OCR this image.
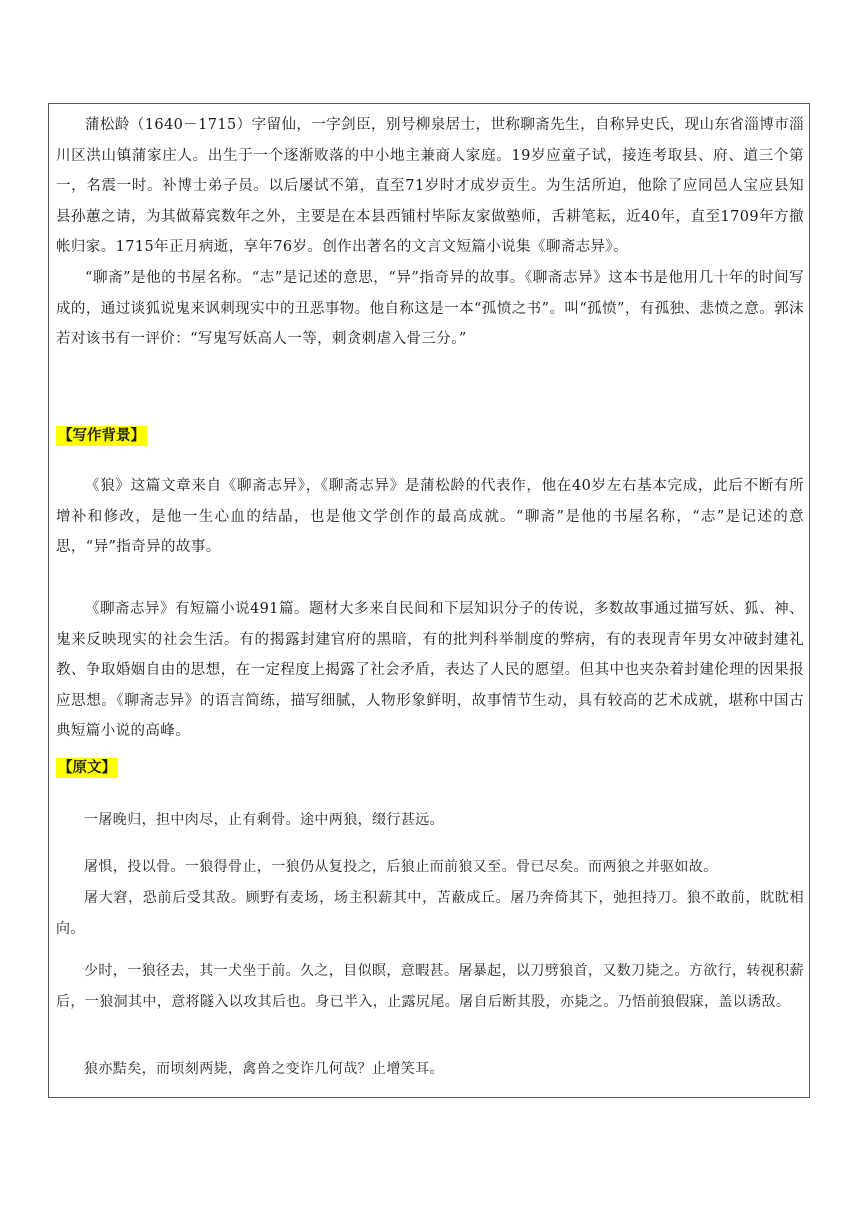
蒲松龄（1640－1715）字留仙，一字剑臣，别号柳泉居士，世称聊斋先生，自称异史氏，现山东省淄博市淄川区洪山镇蒲家庄人。出生于一个逐渐败落的中小地主兼商人家庭。19岁应童子试，接连考取县、府、道三个第一，名震一时。补博士弟子员。以后屡试不第，直至71岁时才成岁贡生。为生活所迫，他除了应同邑人宝应县知县孙蕙之请，为其做幕宾数年之外，主要是在本县西铺村毕际友家做塾师，舌耕笔耘，近40年，直至1709年方撤帐归家。1715年正月病逝，享年76岁。创作出著名的文言文短篇小说集《聊斋志异》。

“聊斋”是他的书屋名称。“志”是记述的意思，“异”指奇异的故事。《聊斋志异》这本书是他用几十年的时间写成的，通过谈狐说鬼来讽刺现实中的丑恶事物。他自称这是一本“孤愤之书”。叫“孤愤”，有孤独、悲愤之意。郭沫若对该书有一评价：“写鬼写妖高人一等，刺贪刺虐入骨三分。”

【写作背景】

《狼》这篇文章来自《聊斋志异》，《聊斋志异》是蒲松龄的代表作，他在40岁左右基本完成，此后不断有所增补和修改，是他一生心血的结晶，也是他文学创作的最高成就。“聊斋”是他的书屋名称，“志”是记述的意思，“异”指奇异的故事。

《聊斋志异》有短篇小说491篇。题材大多来自民间和下层知识分子的传说，多数故事通过描写妖、狐、神、鬼来反映现实的社会生活。有的揭露封建官府的黑暗，有的批判科举制度的弊病，有的表现青年男女冲破封建礼教、争取婚姻自由的思想，在一定程度上揭露了社会矛盾，表达了人民的愿望。但其中也夹杂着封建伦理的因果报应思想。《聊斋志异》的语言简练，描写细腻，人物形象鲜明，故事情节生动，具有较高的艺术成就，堪称中国古典短篇小说的高峰。

【原文】

一屠晚归，担中肉尽，止有剩骨。途中两狼，缀行甚远。

屠惧，投以骨。一狼得骨止，一狼仍从复投之，后狼止而前狼又至。骨已尽矣。而两狼之并驱如故。

屠大窘，恐前后受其敌。顾野有麦场，场主积薪其中，苫蔽成丘。屠乃奔倚其下，弛担持刀。狼不敢前，眈眈相向。

少时，一狼径去，其一犬坐于前。久之，目似瞑，意暇甚。屠暴起，以刀劈狼首，又数刀毙之。方欲行，转视积薪后，一狼洞其中，意将隧入以攻其后也。身已半入，止露尻尾。屠自后断其股，亦毙之。乃悟前狼假寐，盖以诱敌。

狼亦黠矣，而顷刻两毙，禽兽之变诈几何哉？止增笑耳。
